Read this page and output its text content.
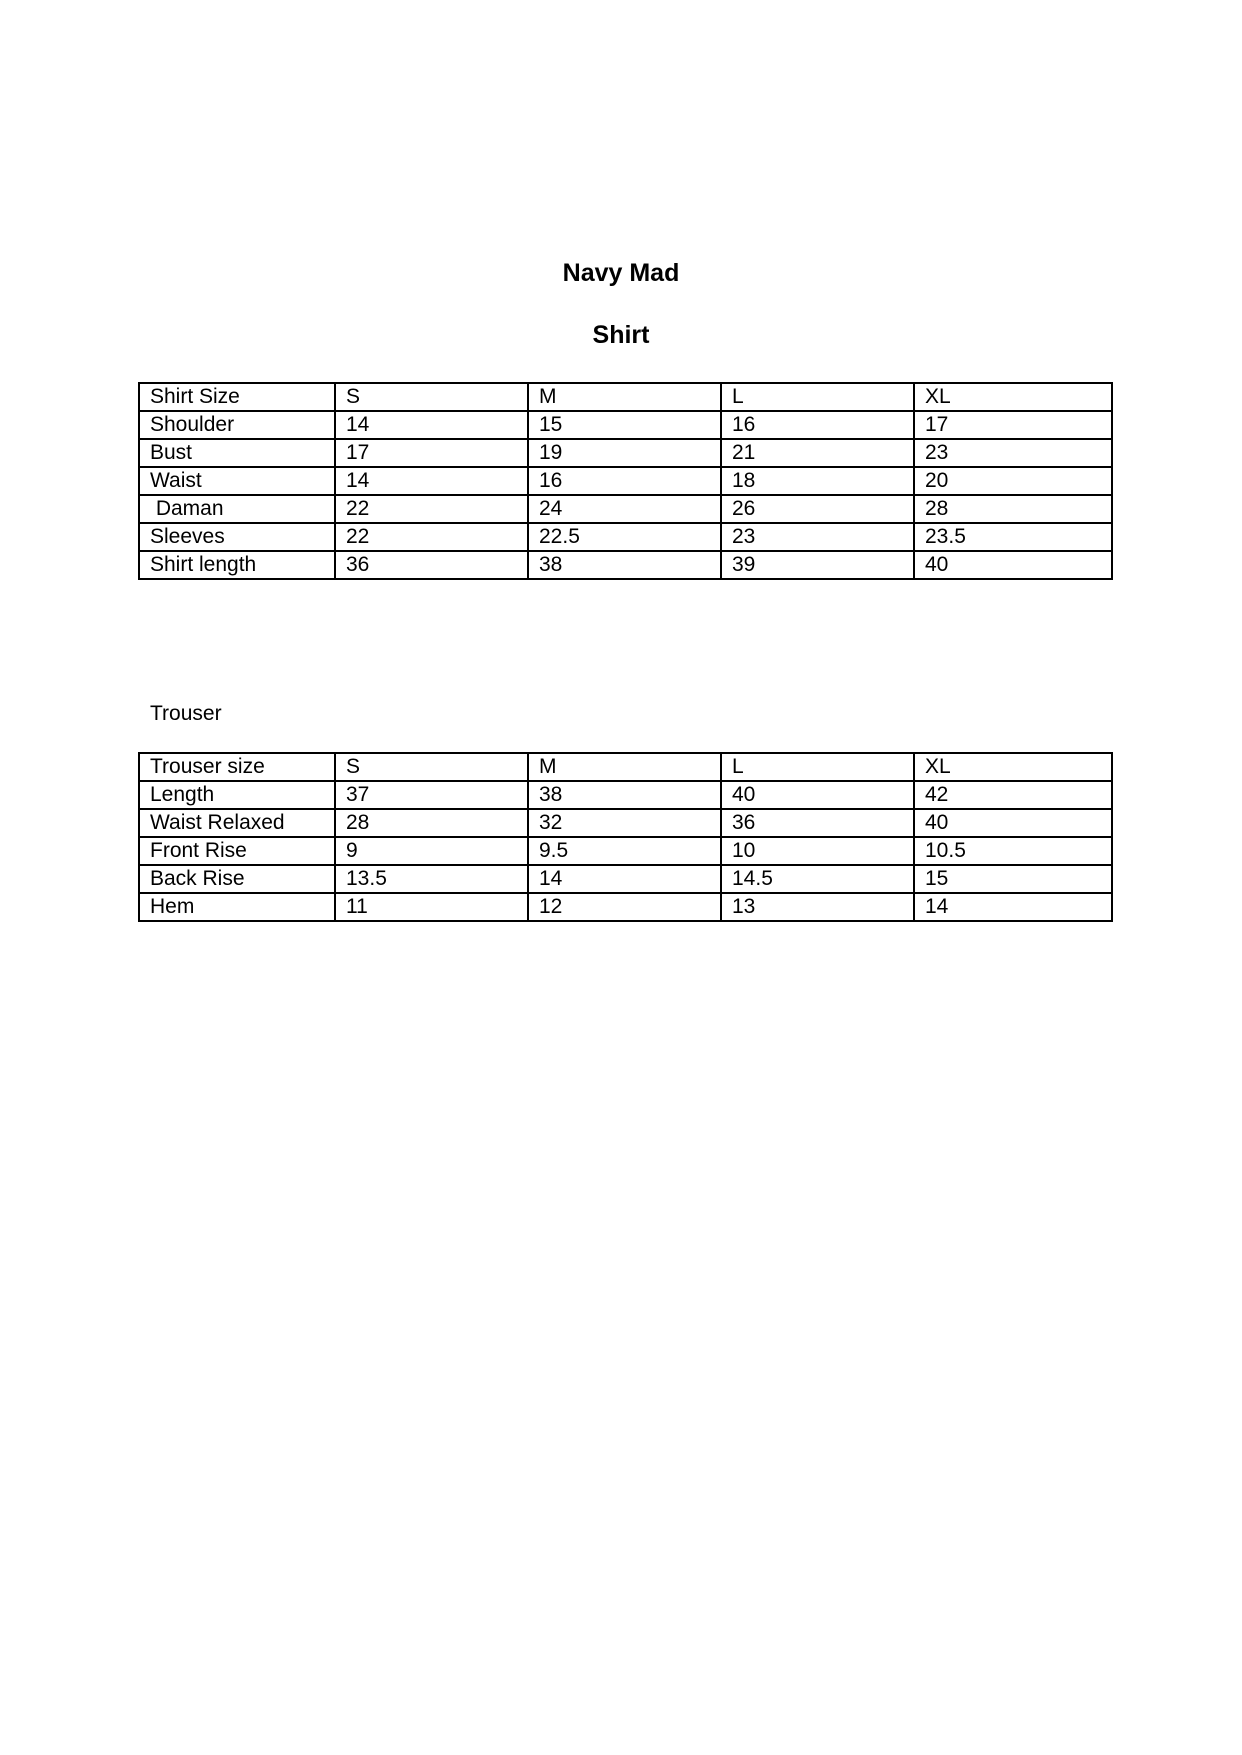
Navy Mad
Shirt
Shirt Size	S	M	L	XL
Shoulder	14	15	16	17
Bust	17	19	21	23
Waist	14	16	18	20
Daman	22	24	26	28
Sleeves	22	22.5	23	23.5
Shirt length	36	38	39	40
Trouser
Trouser size	S	M	L	XL
Length	37	38	40	42
Waist Relaxed	28	32	36	40
Front Rise	9	9.5	10	10.5
Back Rise	13.5	14	14.5	15
Hem	11	12	13	14
